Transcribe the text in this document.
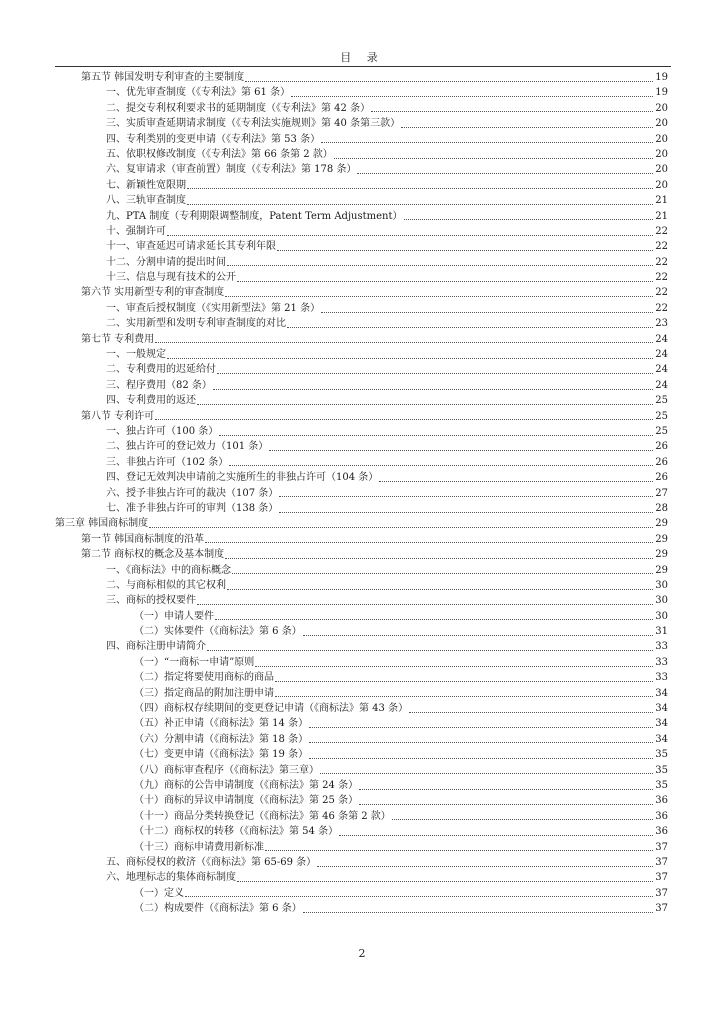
目 录
第五节 韩国发明专利审查的主要制度	19
一、优先审查制度（《专利法》第 61 条）	19
二、提交专利权利要求书的延期制度（《专利法》第 42 条）	20
三、实质审查延期请求制度（《专利法实施规则》第 40 条第三款）	20
四、专利类别的变更申请（《专利法》第 53 条）	20
五、依职权修改制度（《专利法》第 66 条第 2 款）	20
六、复审请求（审查前置）制度（《专利法》第 178 条）	20
七、新颖性宽限期	20
八、三轨审查制度	21
九、PTA 制度（专利期限调整制度，Patent Term Adjustment）	21
十、强制许可	22
十一、审查延迟可请求延长其专利年限	22
十二、分割申请的提出时间	22
十三、信息与现有技术的公开	22
第六节 实用新型专利的审查制度	22
一、审查后授权制度（《实用新型法》第 21 条）	22
二、实用新型和发明专利审查制度的对比	23
第七节 专利费用	24
一、一般规定	24
二、专利费用的迟延给付	24
三、程序费用（82 条）	24
四、专利费用的返还	25
第八节 专利许可	25
一、独占许可（100 条）	25
二、独占许可的登记效力（101 条）	26
三、非独占许可（102 条）	26
四、登记无效判决申请前之实施所生的非独占许可（104 条）	26
六、授予非独占许可的裁决（107 条）	27
七、准予非独占许可的审判（138 条）	28
第三章 韩国商标制度	29
第一节 韩国商标制度的沿革	29
第二节 商标权的概念及基本制度	29
一、《商标法》中的商标概念	29
二、与商标相似的其它权利	30
三、商标的授权要件	30
（一）申请人要件	30
（二）实体要件（《商标法》第 6 条）	31
四、商标注册申请简介	33
（一）“一商标一申请”原则	33
（二）指定将要使用商标的商品	33
（三）指定商品的附加注册申请	34
（四）商标权存续期间的变更登记申请（《商标法》第 43 条）	34
（五）补正申请（《商标法》第 14 条）	34
（六）分割申请（《商标法》第 18 条）	34
（七）变更申请（《商标法》第 19 条）	35
（八）商标审查程序（《商标法》第三章）	35
（九）商标的公告申请制度（《商标法》第 24 条）	35
（十）商标的异议申请制度（《商标法》第 25 条）	36
（十一）商品分类转换登记（《商标法》第 46 条第 2 款）	36
（十二）商标权的转移（《商标法》第 54 条）	36
（十三）商标申请费用新标准	37
五、商标侵权的救济（《商标法》第 65-69 条）	37
六、地理标志的集体商标制度	37
（一）定义	37
（二）构成要件（《商标法》第 6 条）	37
2
